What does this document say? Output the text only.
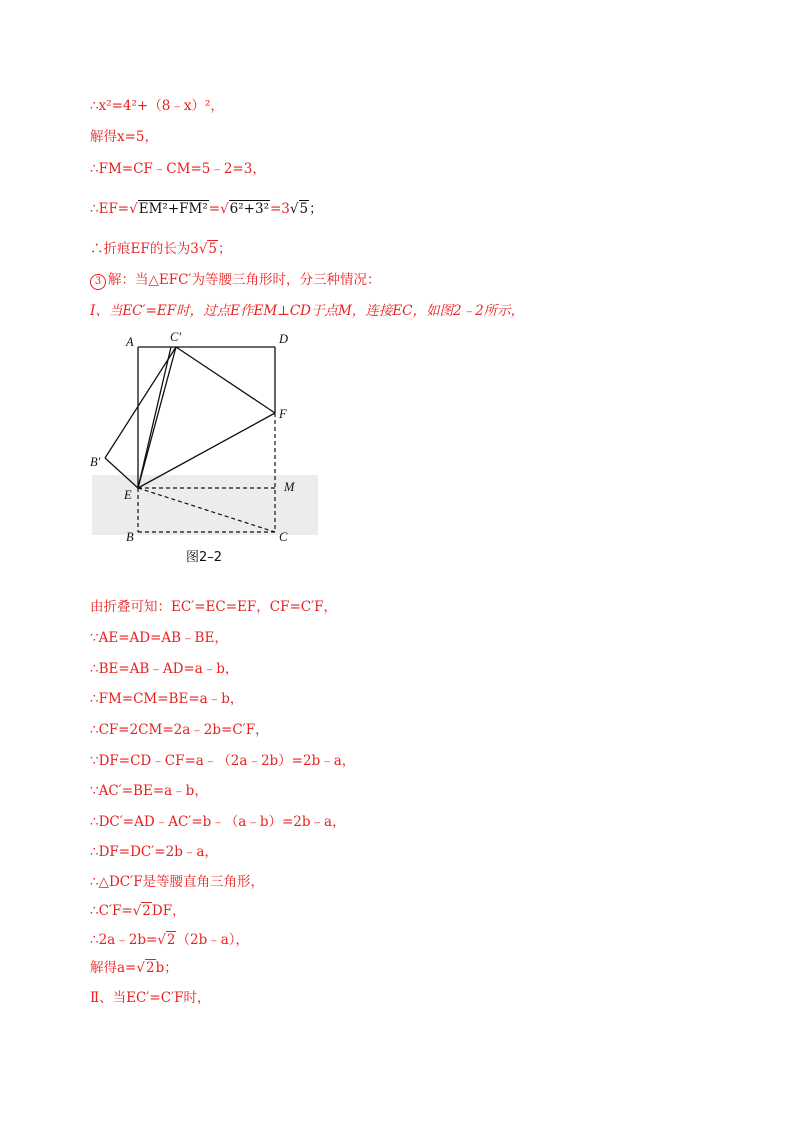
∴x²=4²+（8﹣x）²，
解得x=5，
∴FM=CF﹣CM=5﹣2=3，
∴EF=√EM²+FM²=√6²+3²=3√5；
∴折痕EF的长为3√5；
3 解：当△EFC′为等腰三角形时，分三种情况：
I、当EC′=EF时，过点E作EM⊥CD于点M，连接EC，如图2﹣2所示，
A	C′	D
F
B′
E
M
B	C
图2–2
由折叠可知：EC′=EC=EF，CF=C′F，
∵AE=AD=AB﹣BE，
∴BE=AB﹣AD=a﹣b，
∴FM=CM=BE=a﹣b，
∴CF=2CM=2a﹣2b=C′F，
∵DF=CD﹣CF=a﹣（2a﹣2b）=2b﹣a，
∵AC′=BE=a﹣b，
∴DC′=AD﹣AC′=b﹣（a﹣b）=2b﹣a，
∴DF=DC′=2b﹣a，
∴△DC′F是等腰直角三角形，
∴C′F=√2DF，
∴2a﹣2b=√2（2b﹣a），
解得a=√2b；
Ⅱ、当EC′=C′F时，
